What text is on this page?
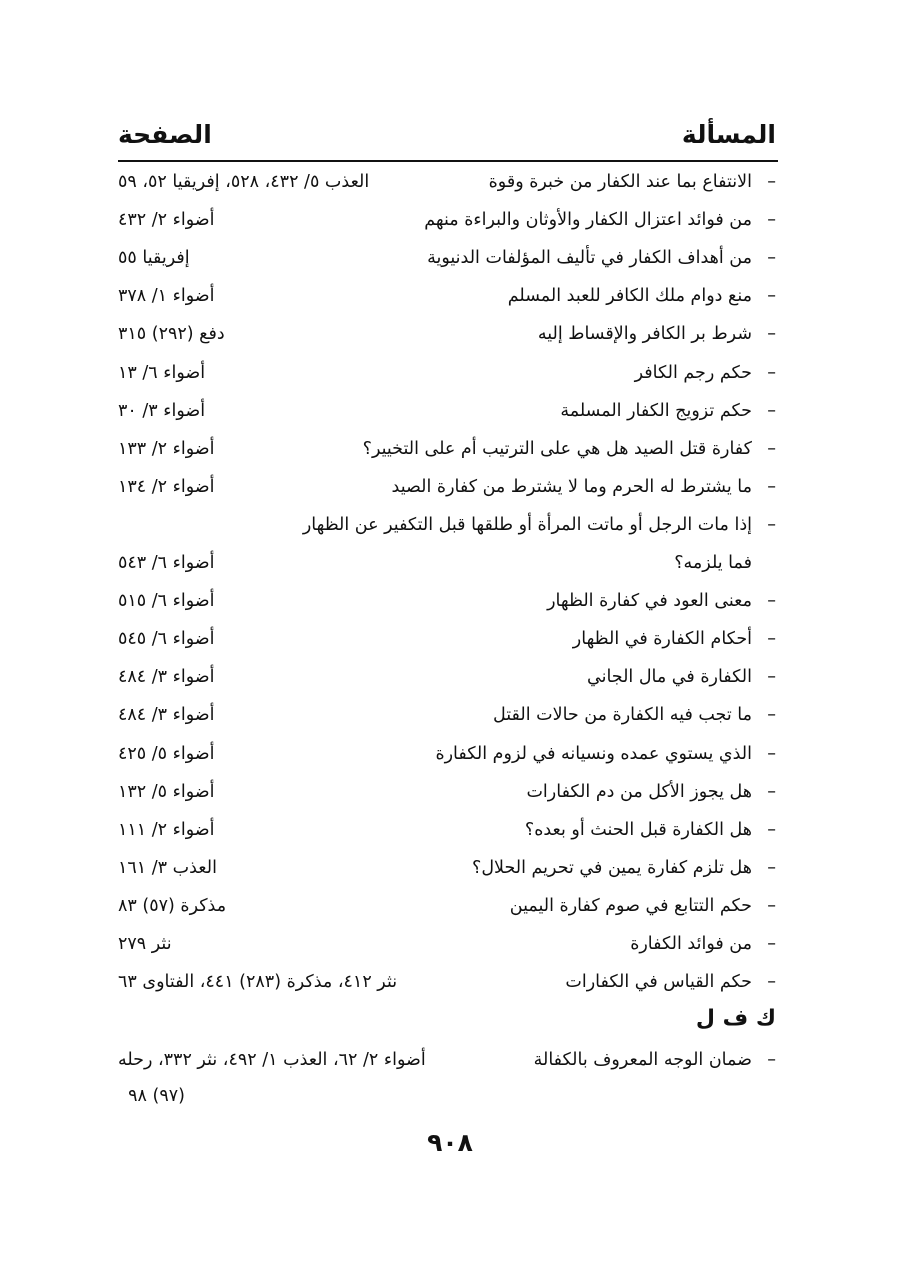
المسألة
الصفحة
–
الانتفاع بما عند الكفار من خبرة وقوة
العذب ٥/ ٤٣٢، ٥٢٨، إفريقيا ٥٢، ٥٩
–
من فوائد اعتزال الكفار والأوثان والبراءة منهم
أضواء ٢/ ٤٣٢
–
من أهداف الكفار في تأليف المؤلفات الدنيوية
إفريقيا ٥٥
–
منع دوام ملك الكافر للعبد المسلم
أضواء ١/ ٣٧٨
–
شرط بر الكافر والإقساط إليه
دفع (٢٩٢) ٣١٥
–
حكم رجم الكافر
أضواء ٦/ ١٣
–
حكم تزويج الكفار المسلمة
أضواء ٣/ ٣٠
–
كفارة قتل الصيد هل هي على الترتيب أم على التخيير؟
أضواء ٢/ ١٣٣
–
ما يشترط له الحرم وما لا يشترط من كفارة الصيد
أضواء ٢/ ١٣٤
–
إذا مات الرجل أو ماتت المرأة أو طلقها قبل التكفير عن الظهار
فما يلزمه؟
أضواء ٦/ ٥٤٣
–
معنى العود في كفارة الظهار
أضواء ٦/ ٥١٥
–
أحكام الكفارة في الظهار
أضواء ٦/ ٥٤٥
–
الكفارة في مال الجاني
أضواء ٣/ ٤٨٤
–
ما تجب فيه الكفارة من حالات القتل
أضواء ٣/ ٤٨٤
–
الذي يستوي عمده ونسيانه في لزوم الكفارة
أضواء ٥/ ٤٢٥
–
هل يجوز الأكل من دم الكفارات
أضواء ٥/ ١٣٢
–
هل الكفارة قبل الحنث أو بعده؟
أضواء ٢/ ١١١
–
هل تلزم كفارة يمين في تحريم الحلال؟
العذب ٣/ ١٦١
–
حكم التتابع في صوم كفارة اليمين
مذكرة (٥٧) ٨٣
–
من فوائد الكفارة
نثر ٢٧٩
–
حكم القياس في الكفارات
نثر ٤١٢، مذكرة (٢٨٣) ٤٤١، الفتاوى ٦٣
ك ف ل
–
ضمان الوجه المعروف بالكفالة
أضواء ٢/ ٦٢، العذب ١/ ٤٩٢، نثر ٣٣٢، رحله
(٩٧) ٩٨
٩٠٨
